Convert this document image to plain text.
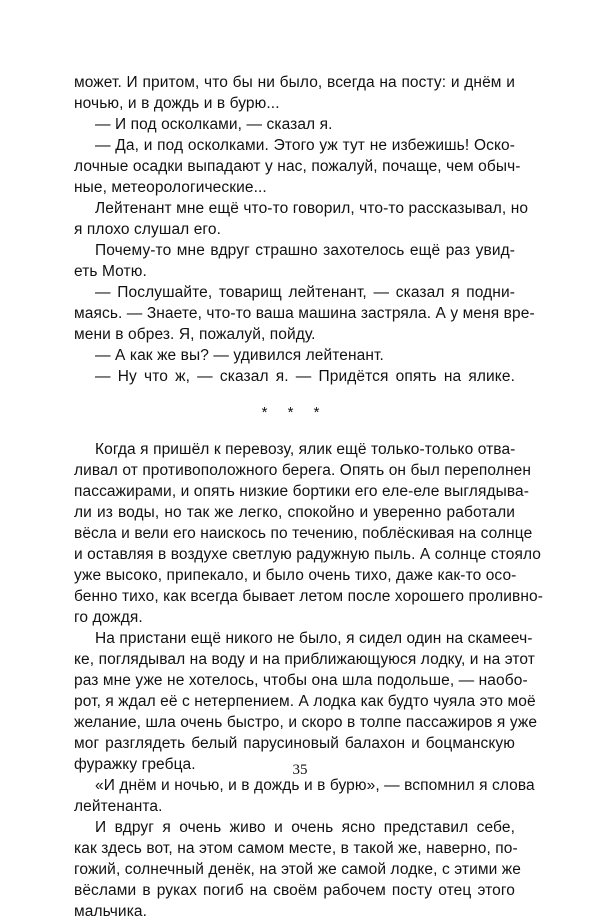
может. И притом, что бы ни было, всегда на посту: и днём и
ночью, и в дождь и в бурю...
— И под осколками, — сказал я.
— Да, и под осколками. Этого уж тут не избежишь! Оско-
лочные осадки выпадают у нас, пожалуй, почаще, чем обыч-
ные, метеорологические...
Лейтенант мне ещё что-то говорил, что-то рассказывал, но
я плохо слушал его.
Почему-то мне вдруг страшно захотелось ещё раз увид-
еть Мотю.
— Послушайте, товарищ лейтенант, — сказал я подни-
маясь. — Знаете, что-то ваша машина застряла. А у меня вре-
мени в обрез. Я, пожалуй, пойду.
— А как же вы? — удивился лейтенант.
— Ну что ж, — сказал я. — Придётся опять на ялике.
* * *
Когда я пришёл к перевозу, ялик ещё только-только отва-
ливал от противоположного берега. Опять он был переполнен
пассажирами, и опять низкие бортики его еле-еле выглядыва-
ли из воды, но так же легко, спокойно и уверенно работали
вёсла и вели его наискось по течению, поблёскивая на солнце
и оставляя в воздухе светлую радужную пыль. А солнце стояло
уже высоко, припекало, и было очень тихо, даже как-то осо-
бенно тихо, как всегда бывает летом после хорошего проливно-
го дождя.
На пристани ещё никого не было, я сидел один на скамееч-
ке, поглядывал на воду и на приближающуюся лодку, и на этот
раз мне уже не хотелось, чтобы она шла подольше, — наобо-
рот, я ждал её с нетерпением. А лодка как будто чуяла это моё
желание, шла очень быстро, и скоро в толпе пассажиров я уже
мог разглядеть белый парусиновый балахон и боцманскую
фуражку гребца.
«И днём и ночью, и в дождь и в бурю», — вспомнил я слова
лейтенанта.
И вдруг я очень живо и очень ясно представил себе,
как здесь вот, на этом самом месте, в такой же, наверно, по-
гожий, солнечный денёк, на этой же самой лодке, с этими же
вёслами в руках погиб на своём рабочем посту отец этого
мальчика.
35
